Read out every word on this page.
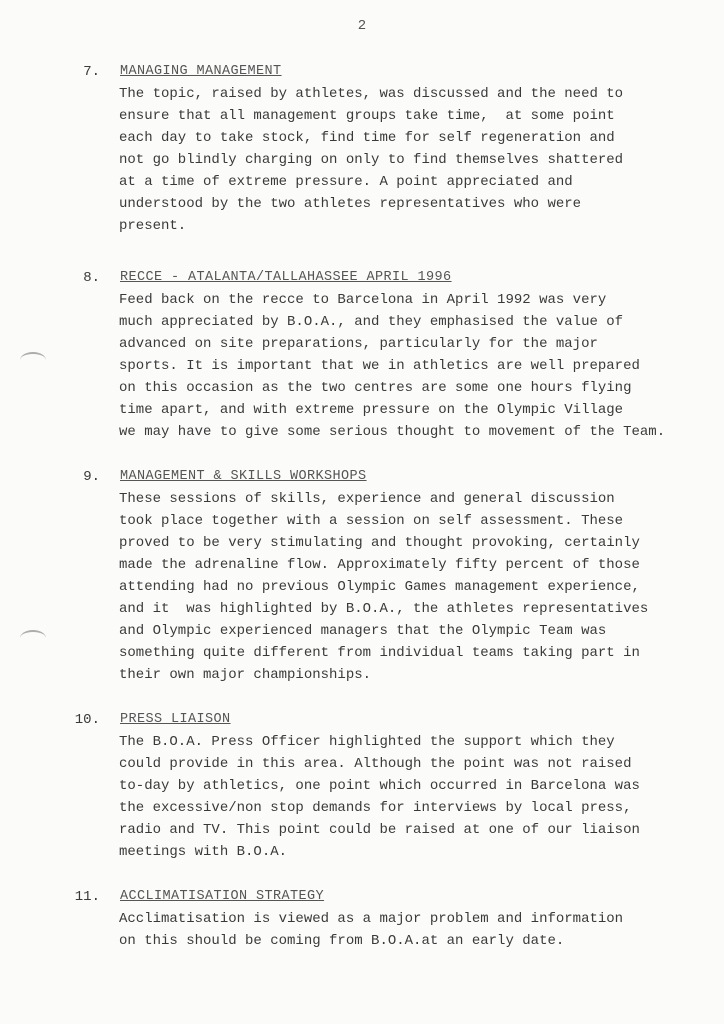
2
7. MANAGING MANAGEMENT
The topic, raised by athletes, was discussed and the need to
ensure that all management groups take time,  at some point
each day to take stock, find time for self regeneration and
not go blindly charging on only to find themselves shattered
at a time of extreme pressure. A point appreciated and
understood by the two athletes representatives who were
present.
8. RECCE - ATALANTA/TALLAHASSEE APRIL 1996
Feed back on the recce to Barcelona in April 1992 was very
much appreciated by B.O.A., and they emphasised the value of
advanced on site preparations, particularly for the major
sports. It is important that we in athletics are well prepared
on this occasion as the two centres are some one hours flying
time apart, and with extreme pressure on the Olympic Village
we may have to give some serious thought to movement of the Team.
9. MANAGEMENT & SKILLS WORKSHOPS
These sessions of skills, experience and general discussion
took place together with a session on self assessment. These
proved to be very stimulating and thought provoking, certainly
made the adrenaline flow. Approximately fifty percent of those
attending had no previous Olympic Games management experience,
and it  was highlighted by B.O.A., the athletes representatives
and Olympic experienced managers that the Olympic Team was
something quite different from individual teams taking part in
their own major championships.
10. PRESS LIAISON
The B.O.A. Press Officer highlighted the support which they
could provide in this area. Although the point was not raised
to-day by athletics, one point which occurred in Barcelona was
the excessive/non stop demands for interviews by local press,
radio and TV. This point could be raised at one of our liaison
meetings with B.O.A.
11. ACCLIMATISATION STRATEGY
Acclimatisation is viewed as a major problem and information
on this should be coming from B.O.A.at an early date.
